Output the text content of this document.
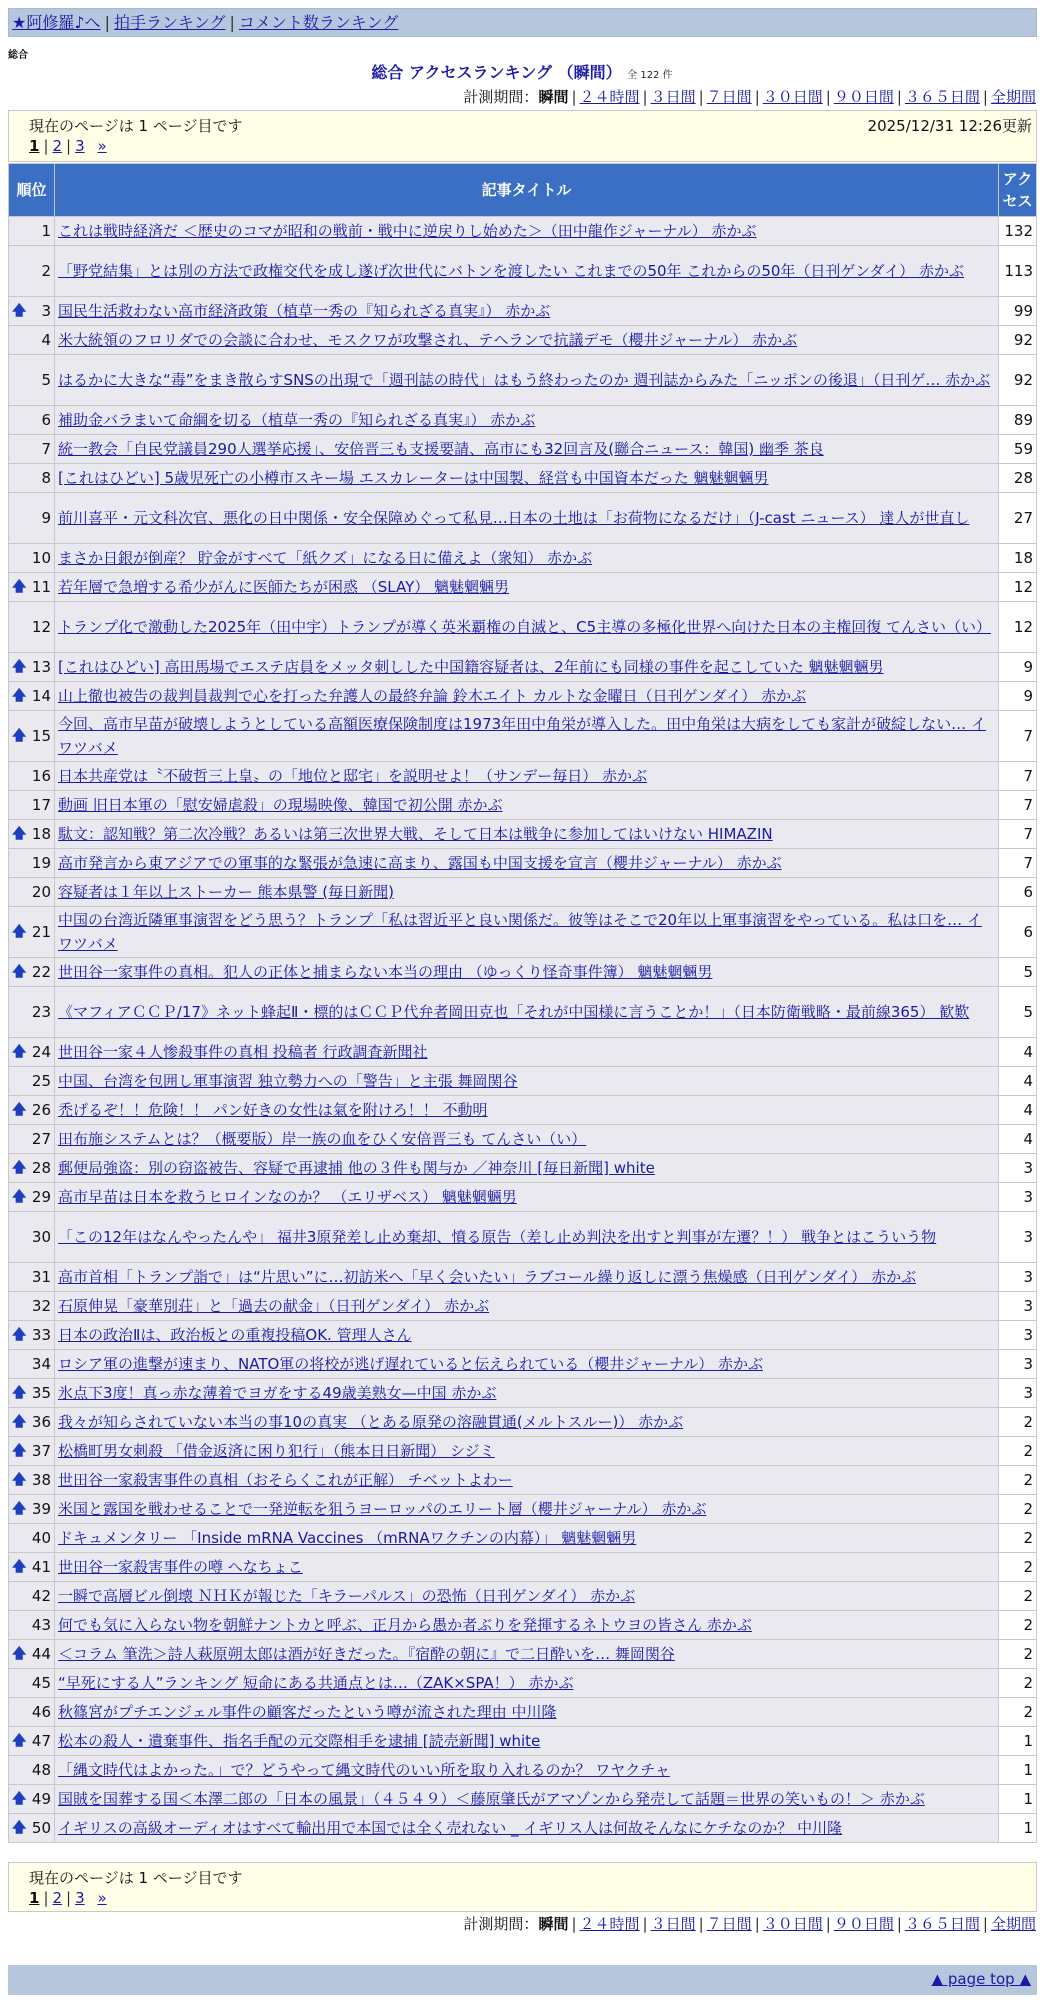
★阿修羅♪へ | 拍手ランキング | コメント数ランキング
総合
総合 アクセスランキング （瞬間） 全 122 件
計測期間：瞬間 | ２４時間 | ３日間 | ７日間 | ３０日間 | ９０日間 | ３６５日間 | 全期間
現在のページは 1 ページ目です	2025/12/31 12:26更新
1 | 2 | 3 »
順位	記事タイトル	アクセス
1	これは戦時経済だ ＜歴史のコマが昭和の戦前・戦中に逆戻りし始めた＞（田中龍作ジャーナル） 赤かぶ	132
2	「野党結集」とは別の方法で政権交代を成し遂げ次世代にバトンを渡したい これまでの50年 これからの50年（日刊ゲンダイ） 赤かぶ	113

🡅 3	国民生活救わない高市経済政策（植草一秀の『知られざる真実』） 赤かぶ	99
4	米大統領のフロリダでの会談に合わせ、モスクワが攻撃され、テヘランで抗議デモ（櫻井ジャーナル） 赤かぶ	92
5	はるかに大きな“毒”をまき散らすSNSの出現で「週刊誌の時代」はもう終わったのか 週刊誌からみた「ニッポンの後退」（日刊ゲ… 赤かぶ	92
6	補助金バラまいて命綱を切る（植草一秀の『知られざる真実』） 赤かぶ	89
7	統一教会「自民党議員290人選挙応援」、安倍晋三も支援要請、高市にも32回言及(聯合ニュース：韓国) 幽季 茶良	59
8	[これはひどい] 5歳児死亡の小樽市スキー場 エスカレーターは中国製、経営も中国資本だった 魑魅魍魎男	28
9	前川喜平・元文科次官、悪化の日中関係・安全保障めぐって私見…日本の土地は「お荷物になるだけ」（J-cast ニュース） 達人が世直し	27
10	まさか日銀が倒産？ 貯金がすべて「紙クズ」になる日に備えよ（衆知） 赤かぶ	18

🡅 11	若年層で急増する希少がんに医師たちが困惑 （SLAY） 魑魅魍魎男	12
12	トランプ化で激動した2025年（田中宇）トランプが導く英米覇権の自滅と、C5主導の多極化世界へ向けた日本の主権回復 てんさい（い）	12

🡅 13	[これはひどい] 高田馬場でエステ店員をメッタ刺しした中国籍容疑者は、2年前にも同様の事件を起こしていた 魑魅魍魎男	9

🡅 14	山上徹也被告の裁判員裁判で心を打った弁護人の最終弁論 鈴木エイト カルトな金曜日（日刊ゲンダイ） 赤かぶ	9

🡅 15	今回、高市早苗が破壊しようとしている高額医療保険制度は1973年田中角栄が導入した。田中角栄は大病をしても家計が破綻しない… イワツバメ	7
16	日本共産党は〝不破哲三上皇〟の「地位と邸宅」を説明せよ！（サンデー毎日） 赤かぶ	7
17	動画 旧日本軍の「慰安婦虐殺」の現場映像、韓国で初公開 赤かぶ	7

🡅 18	駄文：認知戦？第二次冷戦？あるいは第三次世界大戦、そして日本は戦争に参加してはいけない HIMAZIN	7
19	高市発言から東アジアでの軍事的な緊張が急速に高まり、露国も中国支援を宣言（櫻井ジャーナル） 赤かぶ	7
20	容疑者は１年以上ストーカー 熊本県警 (毎日新聞)	6

🡅 21	中国の台湾近隣軍事演習をどう思う？トランプ「私は習近平と良い関係だ。彼等はそこで20年以上軍事演習をやっている。私は口を… イワツバメ	6

🡅 22	世田谷一家事件の真相。犯人の正体と捕まらない本当の理由 （ゆっくり怪奇事件簿） 魑魅魍魎男	5
23	《マフィアＣＣＰ/17》ネット蜂起Ⅱ・標的はＣＣＰ代弁者岡田克也「それが中国様に言うことか！」（日本防衛戦略・最前線365） 歓歎	5

🡅 24	世田谷一家４人惨殺事件の真相 投稿者 行政調査新聞社	4
25	中国、台湾を包囲し軍事演習 独立勢力への「警告」と主張 舞岡関谷	4

🡅 26	禿げるぞ！！危険！！ パン好きの女性は氣を附けろ！！ 不動明	4
27	田布施システムとは？（概要版）岸一族の血をひく安倍晋三も てんさい（い）	4

🡅 28	郵便局強盗：別の窃盗被告、容疑で再逮捕 他の３件も関与か ／神奈川 [毎日新聞] white	3

🡅 29	高市早苗は日本を救うヒロインなのか？ （エリザベス） 魑魅魍魎男	3
30	「この12年はなんやったんや」 福井3原発差し止め棄却、憤る原告（差し止め判決を出すと判事が左遷？！） 戦争とはこういう物	3
31	高市首相「トランプ詣で」は“片思い”に…初訪米へ「早く会いたい」ラブコール繰り返しに漂う焦燥感（日刊ゲンダイ） 赤かぶ	3
32	石原伸晃「豪華別荘」と「過去の献金」（日刊ゲンダイ） 赤かぶ	3

🡅 33	日本の政治Ⅱは、政治板との重複投稿OK. 管理人さん	3
34	ロシア軍の進撃が速まり、NATO軍の将校が逃げ遅れていると伝えられている（櫻井ジャーナル） 赤かぶ	3

🡅 35	氷点下3度！真っ赤な薄着でヨガをする49歳美熟女—中国 赤かぶ	3

🡅 36	我々が知らされていない本当の事10の真実 （とある原発の溶融貫通(メルトスルー)） 赤かぶ	2

🡅 37	松橋町男女刺殺 「借金返済に困り犯行」（熊本日日新聞） シジミ	2

🡅 38	世田谷一家殺害事件の真相（おそらくこれが正解） チベットよわー	2

🡅 39	米国と露国を戦わせることで一発逆転を狙うヨーロッパのエリート層（櫻井ジャーナル） 赤かぶ	2
40	ドキュメンタリー 「Inside mRNA Vaccines （mRNAワクチンの内幕）」 魑魅魍魎男	2

🡅 41	世田谷一家殺害事件の噂 へなちょこ	2
42	一瞬で高層ビル倒壊 ＮＨＫが報じた「キラーパルス」の恐怖（日刊ゲンダイ） 赤かぶ	2
43	何でも気に入らない物を朝鮮ナントカと呼ぶ、正月から愚か者ぶりを発揮するネトウヨの皆さん 赤かぶ	2

🡅 44	＜コラム 筆洗＞詩人萩原朔太郎は酒が好きだった。『宿酔の朝に』で二日酔いを… 舞岡関谷	2
45	“早死にする人”ランキング 短命にある共通点とは…（ZAK×SPA！） 赤かぶ	2
46	秋篠宮がプチエンジェル事件の顧客だったという噂が流された理由 中川隆	2

🡅 47	松本の殺人・遺棄事件、指名手配の元交際相手を逮捕 [読売新聞] white	1
48	「縄文時代はよかった。」で？どうやって縄文時代のいい所を取り入れるのか？ ワヤクチャ	1

🡅 49	国賊を国葬する国＜本澤二郎の「日本の風景」（４５４９）＜藤原肇氏がアマゾンから発売して話題＝世界の笑いもの！＞ 赤かぶ	1

🡅 50	イギリスの高級オーディオはすべて輸出用で本国では全く売れない _ イギリス人は何故そんなにケチなのか？ 中川隆	1
現在のページは 1 ページ目です
1 | 2 | 3 »
計測期間：瞬間 | ２４時間 | ３日間 | ７日間 | ３０日間 | ９０日間 | ３６５日間 | 全期間
▲ page top ▲
